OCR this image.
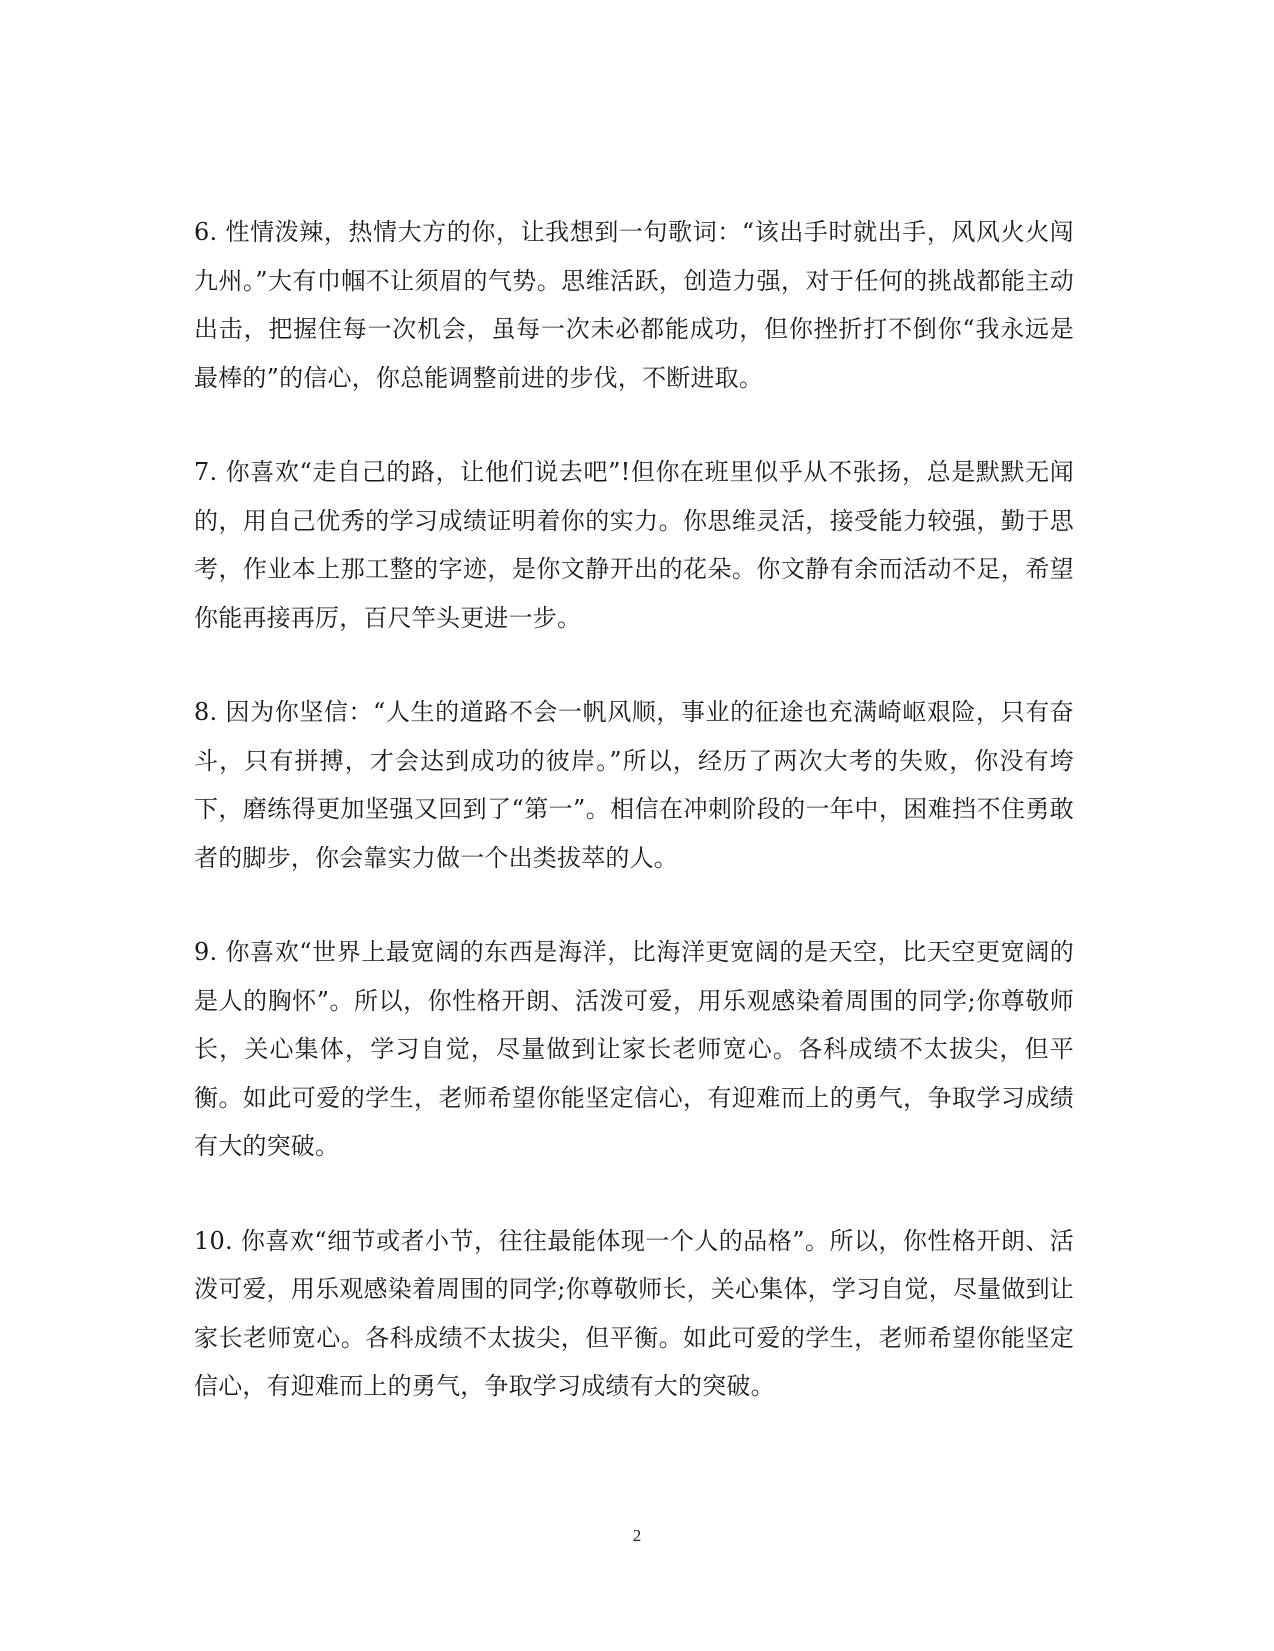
6. 性情泼辣，热情大方的你，让我想到一句歌词：“该出手时就出手，风风火火闯九州。”大有巾帼不让须眉的气势。思维活跃，创造力强，对于任何的挑战都能主动出击，把握住每一次机会，虽每一次未必都能成功，但你挫折打不倒你“我永远是最棒的”的信心，你总能调整前进的步伐，不断进取。

7. 你喜欢“走自己的路，让他们说去吧”!但你在班里似乎从不张扬，总是默默无闻的，用自己优秀的学习成绩证明着你的实力。你思维灵活，接受能力较强，勤于思考，作业本上那工整的字迹，是你文静开出的花朵。你文静有余而活动不足，希望你能再接再厉，百尺竿头更进一步。

8. 因为你坚信：“人生的道路不会一帆风顺，事业的征途也充满崎岖艰险，只有奋斗，只有拼搏，才会达到成功的彼岸。”所以，经历了两次大考的失败，你没有垮下，磨练得更加坚强又回到了“第一”。相信在冲刺阶段的一年中，困难挡不住勇敢者的脚步，你会靠实力做一个出类拔萃的人。

9. 你喜欢“世界上最宽阔的东西是海洋，比海洋更宽阔的是天空，比天空更宽阔的是人的胸怀”。所以，你性格开朗、活泼可爱，用乐观感染着周围的同学;你尊敬师长，关心集体，学习自觉，尽量做到让家长老师宽心。各科成绩不太拔尖，但平衡。如此可爱的学生，老师希望你能坚定信心，有迎难而上的勇气，争取学习成绩有大的突破。

10. 你喜欢“细节或者小节，往往最能体现一个人的品格”。所以，你性格开朗、活泼可爱，用乐观感染着周围的同学;你尊敬师长，关心集体，学习自觉，尽量做到让家长老师宽心。各科成绩不太拔尖，但平衡。如此可爱的学生，老师希望你能坚定信心，有迎难而上的勇气，争取学习成绩有大的突破。

2
